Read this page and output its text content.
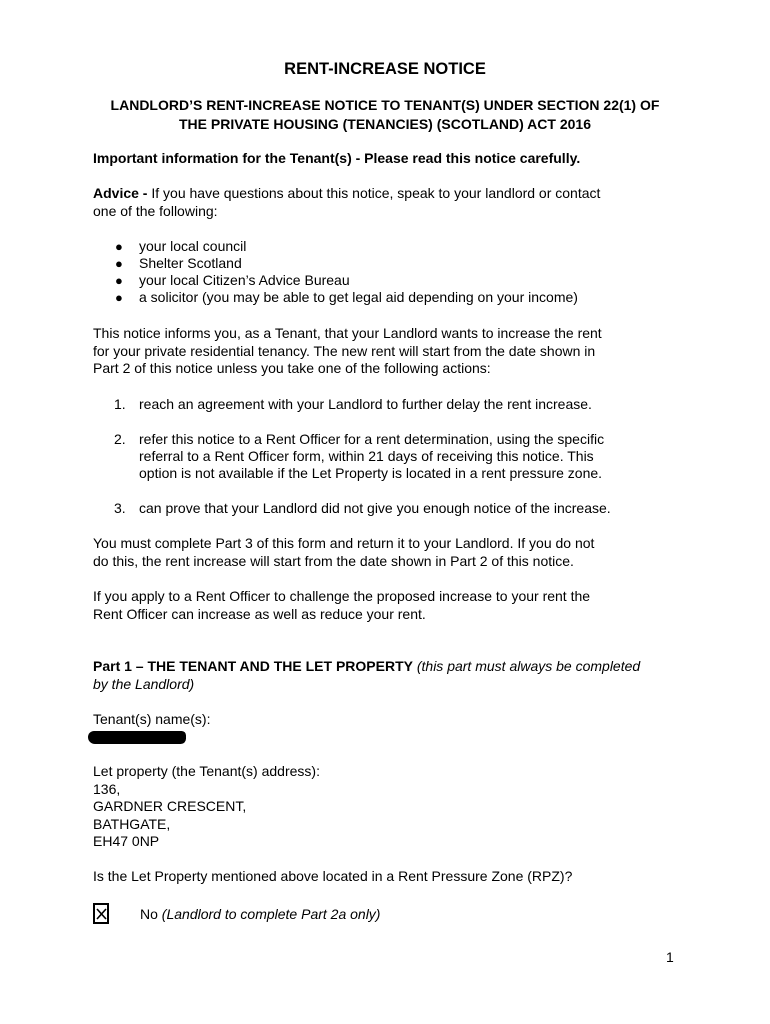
RENT-INCREASE NOTICE
LANDLORD’S RENT-INCREASE NOTICE TO TENANT(S) UNDER SECTION 22(1) OF
THE PRIVATE HOUSING (TENANCIES) (SCOTLAND) ACT 2016
Important information for the Tenant(s) - Please read this notice carefully.
Advice - If you have questions about this notice, speak to your landlord or contact
one of the following:
● your local council
● Shelter Scotland
● your local Citizen’s Advice Bureau
● a solicitor (you may be able to get legal aid depending on your income)
This notice informs you, as a Tenant, that your Landlord wants to increase the rent
for your private residential tenancy. The new rent will start from the date shown in
Part 2 of this notice unless you take one of the following actions:
1. reach an agreement with your Landlord to further delay the rent increase.
2. refer this notice to a Rent Officer for a rent determination, using the specific
referral to a Rent Officer form, within 21 days of receiving this notice. This
option is not available if the Let Property is located in a rent pressure zone.
3. can prove that your Landlord did not give you enough notice of the increase.
You must complete Part 3 of this form and return it to your Landlord. If you do not
do this, the rent increase will start from the date shown in Part 2 of this notice.
If you apply to a Rent Officer to challenge the proposed increase to your rent the
Rent Officer can increase as well as reduce your rent.
Part 1 – THE TENANT AND THE LET PROPERTY (this part must always be completed
by the Landlord)
Tenant(s) name(s):
Let property (the Tenant(s) address):
136,
GARDNER CRESCENT,
BATHGATE,
EH47 0NP
Is the Let Property mentioned above located in a Rent Pressure Zone (RPZ)?
No (Landlord to complete Part 2a only)
1
